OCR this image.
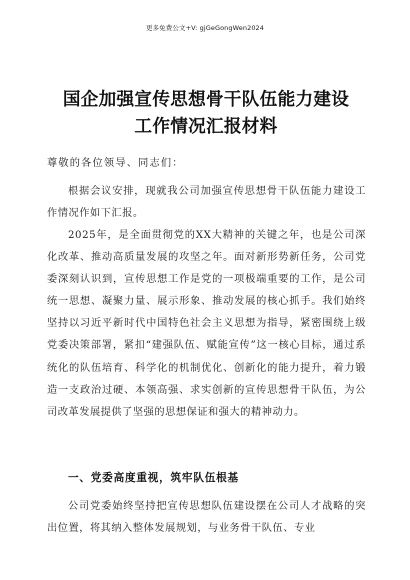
更多免费公文+V: gjGeGongWen2024
国企加强宣传思想骨干队伍能力建设工作情况汇报材料
尊敬的各位领导、同志们：

根据会议安排，现就我公司加强宣传思想骨干队伍能力建设工作情况作如下汇报。

2025年，是全面贯彻党的XX大精神的关键之年，也是公司深化改革、推动高质量发展的攻坚之年。面对新形势新任务，公司党委深刻认识到，宣传思想工作是党的一项极端重要的工作，是公司统一思想、凝聚力量、展示形象、推动发展的核心抓手。我们始终坚持以习近平新时代中国特色社会主义思想为指导，紧密围绕上级党委决策部署，紧扣“建强队伍、赋能宣传”这一核心目标，通过系统化的队伍培育、科学化的机制优化、创新化的能力提升，着力锻造一支政治过硬、本领高强、求实创新的宣传思想骨干队伍，为公司改革发展提供了坚强的思想保证和强大的精神动力。

一、党委高度重视，筑牢队伍根基

公司党委始终坚持把宣传思想队伍建设摆在公司人才战略的突出位置，将其纳入整体发展规划，与业务骨干队伍、专业
